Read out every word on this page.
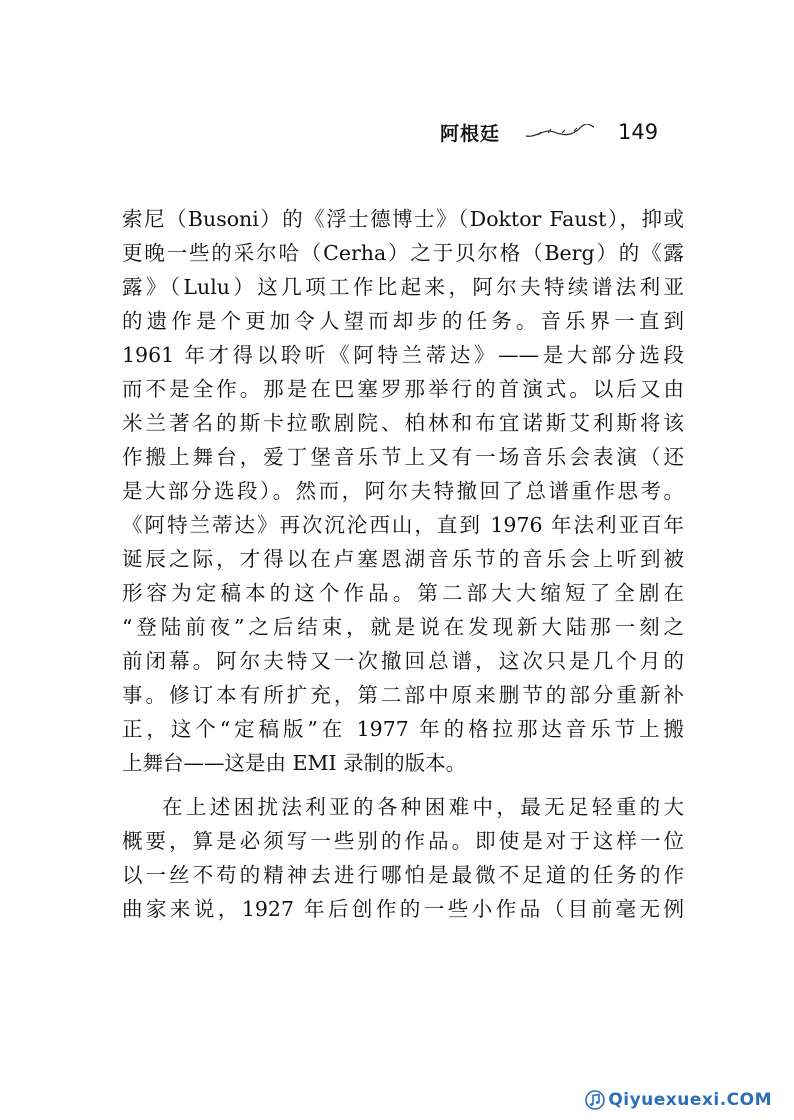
阿根廷	149
索尼（Busoni）的《浮士德博士》（Doktor Faust），抑或
更晚一些的采尔哈（Cerha）之于贝尔格（Berg）的《露
露》（Lulu）这几项工作比起来，阿尔夫特续谱法利亚
的遗作是个更加令人望而却步的任务。音乐界一直到
1961 年才得以聆听《阿特兰蒂达》——是大部分选段
而不是全作。那是在巴塞罗那举行的首演式。以后又由
米兰著名的斯卡拉歌剧院、柏林和布宜诺斯艾利斯将该
作搬上舞台，爱丁堡音乐节上又有一场音乐会表演（还
是大部分选段）。然而，阿尔夫特撤回了总谱重作思考。
《阿特兰蒂达》再次沉沦西山，直到 1976 年法利亚百年
诞辰之际，才得以在卢塞恩湖音乐节的音乐会上听到被
形容为定稿本的这个作品。第二部大大缩短了全剧在
“登陆前夜”之后结束，就是说在发现新大陆那一刻之
前闭幕。阿尔夫特又一次撤回总谱，这次只是几个月的
事。修订本有所扩充，第二部中原来删节的部分重新补
正，这个“定稿版”在 1977 年的格拉那达音乐节上搬
上舞台——这是由 EMI 录制的版本。
在上述困扰法利亚的各种困难中，最无足轻重的大
概要，算是必须写一些别的作品。即使是对于这样一位
以一丝不苟的精神去进行哪怕是最微不足道的任务的作
曲家来说，1927 年后创作的一些小作品（目前毫无例
Qiyuexuexi.COM
